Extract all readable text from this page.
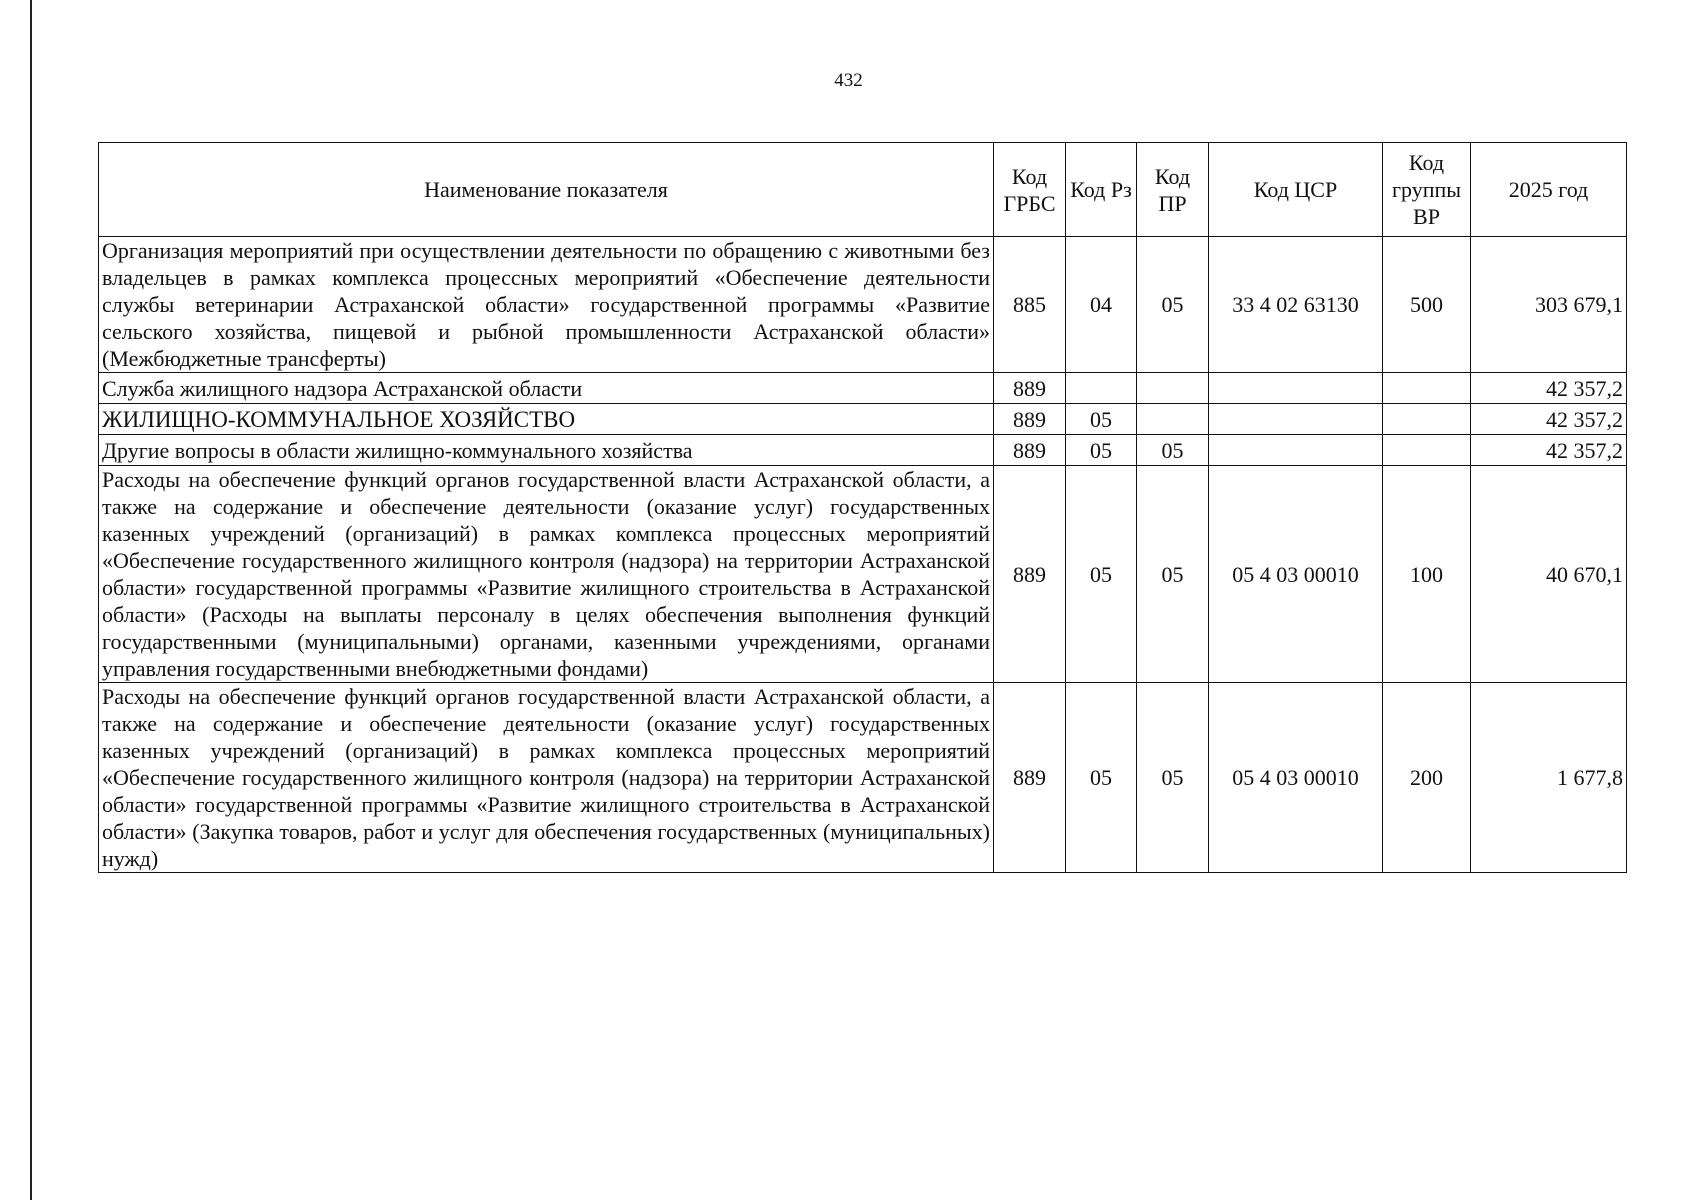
432
Наименование показателя	Код ГРБС	Код Рз	Код ПР	Код ЦСР	Код группы ВР	2025 год
Организация мероприятий при осуществлении деятельности по обращению с животными без владельцев в рамках комплекса процессных мероприятий «Обеспечение деятельности службы ветеринарии Астраханской области» государственной программы «Развитие сельского хозяйства, пищевой и рыбной промышленности Астраханской области» (Межбюджетные трансферты)	885	04	05	33 4 02 63130	500	303 679,1
Служба жилищного надзора Астраханской области	889					42 357,2
ЖИЛИЩНО-КОММУНАЛЬНОЕ ХОЗЯЙСТВО	889	05				42 357,2
Другие вопросы в области жилищно-коммунального хозяйства	889	05	05			42 357,2
Расходы на обеспечение функций органов государственной власти Астраханской области, а также на содержание и обеспечение деятельности (оказание услуг) государственных казенных учреждений (организаций) в рамках комплекса процессных мероприятий «Обеспечение государственного жилищного контроля (надзора) на территории Астраханской области» государственной программы «Развитие жилищного строительства в Астраханской области» (Расходы на выплаты персоналу в целях обеспечения выполнения функций государственными (муниципальными) органами, казенными учреждениями, органами управления государственными внебюджетными фондами)	889	05	05	05 4 03 00010	100	40 670,1
Расходы на обеспечение функций органов государственной власти Астраханской области, а также на содержание и обеспечение деятельности (оказание услуг) государственных казенных учреждений (организаций) в рамках комплекса процессных мероприятий «Обеспечение государственного жилищного контроля (надзора) на территории Астраханской области» государственной программы «Развитие жилищного строительства в Астраханской области» (Закупка товаров, работ и услуг для обеспечения государственных (муниципальных) нужд)	889	05	05	05 4 03 00010	200	1 677,8
